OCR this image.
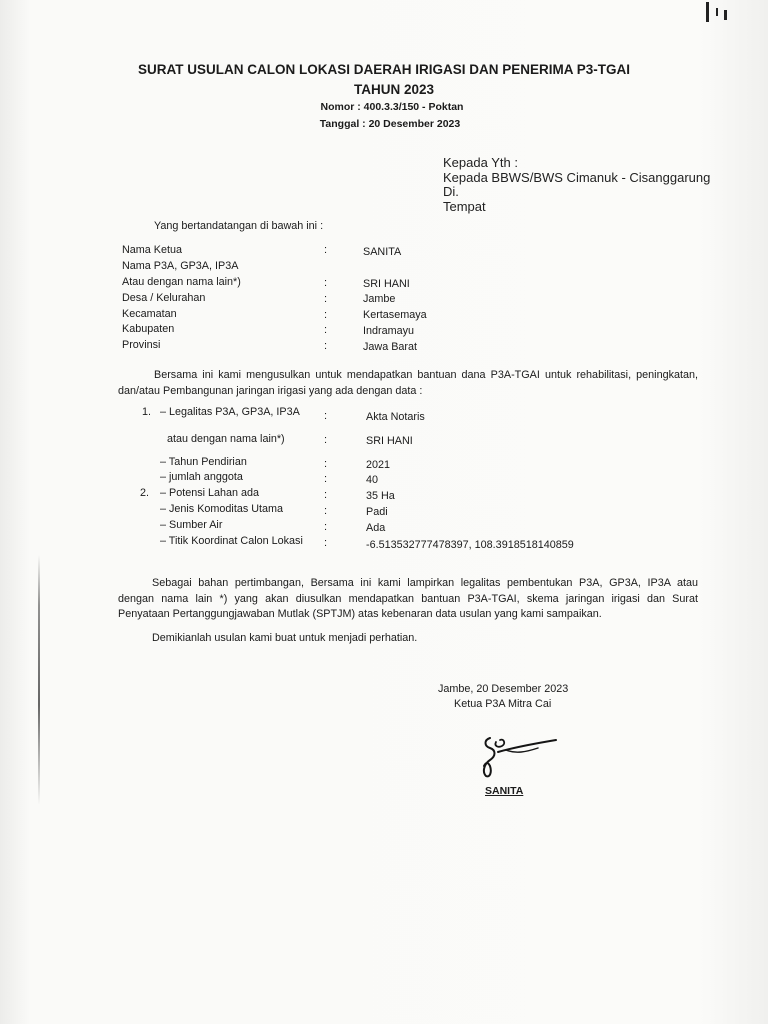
SURAT USULAN CALON LOKASI DAERAH IRIGASI DAN PENERIMA P3-TGAI
TAHUN 2023
Nomor : 400.3.3/150 - Poktan
Tanggal : 20 Desember 2023
Kepada Yth :
Kepada BBWS/BWS Cimanuk - Cisanggarung
Di.
Tempat
Yang bertandatangan di bawah ini :
Nama Ketua	:	SANITA
Nama P3A, GP3A, IP3A
Atau dengan nama lain*)	:	SRI HANI
Desa / Kelurahan	:	Jambe
Kecamatan	:	Kertasemaya
Kabupaten	:	Indramayu
Provinsi	:	Jawa Barat
Bersama ini kami mengusulkan untuk mendapatkan bantuan dana P3A-TGAI untuk rehabilitasi, peningkatan,
dan/atau Pembangunan jaringan irigasi yang ada dengan data :
1. – Legalitas P3A, GP3A, IP3A :	Akta Notaris
atau dengan nama lain*)	:	SRI HANI
– Tahun Pendirian	:	2021
– jumlah anggota	:	40
2. – Potensi Lahan ada	:	35 Ha
– Jenis Komoditas Utama	:	Padi
– Sumber Air	:	Ada
– Titik Koordinat Calon Lokasi :	-6.513532777478397, 108.3918518140859
Sebagai bahan pertimbangan, Bersama ini kami lampirkan legalitas pembentukan P3A, GP3A, IP3A atau
dengan nama lain *) yang akan diusulkan mendapatkan bantuan P3A-TGAI, skema jaringan irigasi dan Surat
Penyataan Pertanggungjawaban Mutlak (SPTJM) atas kebenaran data usulan yang kami sampaikan.
Demikianlah usulan kami buat untuk menjadi perhatian.
Jambe, 20 Desember 2023
Ketua P3A Mitra Cai
SANITA
